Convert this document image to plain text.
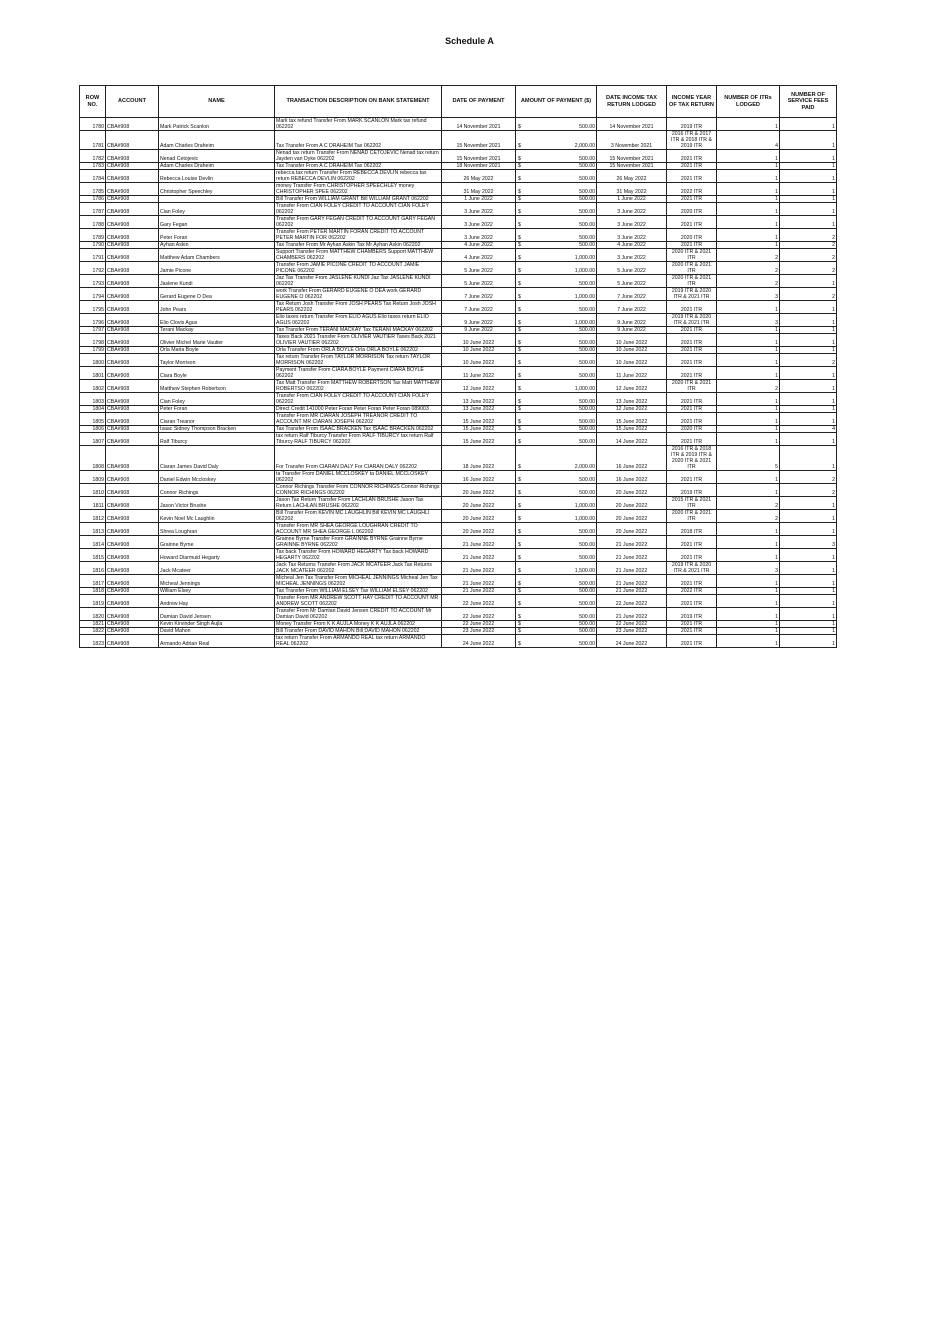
Schedule A
ROW NO.	ACCOUNT	NAME	TRANSACTION DESCRIPTION ON BANK STATEMENT	DATE OF PAYMENT	AMOUNT OF PAYMENT ($)	DATE INCOME TAX RETURN LODGED	INCOME YEAR OF TAX RETURN	NUMBER OF ITRs LODGED	NUMBER OF SERVICE FEES PAID
1780	CBA#908	Mark Patrick Scanlon	Mark tax refund Transfer From MARK SCANLON Mark tax refund 062202	14 November 2021	$ 500.00	14 November 2021	2019 ITR	1	1
1781	CBA#908	Adam Charles Draheim	Tax Transfer From A C DRAHEIM Tax 062202	15 November 2021	$ 2,000.00	3 November 2021	2016 ITR & 2017 ITR & 2018 ITR & 2019 ITR	4	1
1782	CBA#908	Nenad Cetojevic	Nenad tax return Transfer From NENAD CETOJEVIC Nenad tax return Jayden van Dyke 062202	15 November 2021	$ 500.00	15 November 2021	2021 ITR	1	1
1783	CBA#908	Adam Charles Draheim	Tax Transfer From A C DRAHEIM Tax 062202	18 November 2021	$ 500.00	15 November 2021	2021 ITR	1	1
1784	CBA#908	Rebecca Louise Devlin	rebecca tax return Transfer From REBECCA DEVLIN rebecca tax return REBECCA DEVLIN 062202	26 May 2022	$ 500.00	26 May 2022	2021 ITR	1	1
1785	CBA#908	Christopher Speechley	money Transfer From CHRISTOPHER SPEECHLEY money CHRISTOPHER SPEE 062202	31 May 2022	$ 500.00	31 May 2022	2022 ITR	1	1
1786	CBA#908		Bill Transfer From WILLIAM GRANT Bill WILLIAM GRANT 062202	1 June 2022	$ 500.00	1 June 2022	2021 ITR	1	1
1787	CBA#908	Cian Foley	Transfer From CIAN FOLEY CREDIT TO ACCOUNT CIAN FOLEY 062202	3 June 2022	$ 500.00	3 June 2022	2020 ITR	1	1
1788	CBA#908	Gary Fegan	Transfer From GARY FEGAN CREDIT TO ACCOUNT GARY FEGAN 062202	3 June 2022	$ 500.00	3 June 2022	2021 ITR	1	1
1789	CBA#908	Peter Foran	Transfer From PETER MARTIN FORAN CREDIT TO ACCOUNT PETER MARTIN FOR 062202	3 June 2022	$ 500.00	3 June 2022	2020 ITR	1	2
1790	CBA#908	Ayhan Askin	Tax Transfer From Mr Ayhan Askin Tax Mr Ayhan Askin 062202	4 June 2022	$ 500.00	4 June 2022	2021 ITR	1	2
1791	CBA#908	Matthew Adam Chambers	Support Transfer From MATTHEW CHAMBERS Support MATTHEW CHAMBERS 062202	4 June 2022	$ 1,000.00	3 June 2022	2020 ITR & 2021 ITR	2	2
1792	CBA#908	Jamie Picone	Transfer From JAMIE PICONE CREDIT TO ACCOUNT JAMIE PICONE 062202	5 June 2022	$ 1,000.00	5 June 2022	2020 ITR & 2021 ITR	2	2
1793	CBA#908	Jaslene Kundi	Jaz Tax Transfer From JASLENE KUNDI Jaz Tax JASLENE KUNDI 062202	5 June 2022	$ 500.00	5 June 2022	2020 ITR & 2021 ITR	2	1
1794	CBA#908	Gerard Eugene O Dea	work Transfer From GERARD EUGENE O DEA work GERARD EUGENE O 062202	7 June 2022	$ 1,000.00	7 June 2022	2019 ITR & 2020 ITR & 2021 ITR	3	2
1795	CBA#908	John Pears	Tax Return Josh Transfer From JOSH PEARS Tax Return Josh JOSH PEARS 062202	7 June 2022	$ 500.00	7 June 2022	2021 ITR	1	1
1796	CBA#908	Elio Clovis Agus	Elio taxes return Transfer From ELIO AGUS Elio taxes return ELIO AGUS 062202	9 June 2022	$ 1,000.00	9 June 2022	2019 ITR & 2020 ITR & 2021 ITR	3	1
1797	CBA#908	Terani Mackay	Tax Transfer From TERANI MACKAY Tax TERANI MACKAY 062202	9 June 2022	$ 500.00	9 June 2022	2021 ITR	1	1
1798	CBA#908	Olivier Michel Marie Vautier	Taxes Back 2021 Transfer From OLIVIER VAUTIER Taxes Back 2021 OLIVIER VAUTIER 062202	10 June 2022	$ 500.00	10 June 2022	2021 ITR	1	1
1799	CBA#908	Orla Maria Boyle	Orla Transfer From ORLA BOYLE Orla ORLA BOYLE 062202	10 June 2022	$ 500.00	10 June 2022	2021 ITR	1	1
1800	CBA#908	Taylor Morrison	Tax return Transfer From TAYLOR MORRISON Tax return TAYLOR MORRISON 062202	10 June 2022	$ 500.00	10 June 2022	2021 ITR	1	2
1801	CBA#908	Ciara Boyle	Payment Transfer From CIARA BOYLE Payment CIARA BOYLE 062202	11 June 2022	$ 500.00	11 June 2022	2021 ITR	1	1
1802	CBA#908	Matthew Stephen Robertson	Tax Matt Transfer From MATTHEW ROBERTSON Tax Matt MATTHEW ROBERTSO 062202	12 June 2022	$ 1,000.00	12 June 2022	2020 ITR & 2021 ITR	2	1
1803	CBA#908	Cian Foley	Transfer From CIAN FOLEY CREDIT TO ACCOUNT CIAN FOLEY 062202	13 June 2022	$ 500.00	13 June 2022	2021 ITR	1	1
1804	CBA#908	Peter Foran	Direct Credit 141000 Peter Foran Peter Foran Peter Foran 089003	13 June 2022	$ 500.00	12 June 2022	2021 ITR	1	1
1805	CBA#908	Ciaran Treanor	Transfer From MR CIARAN JOSEPH TREANOR CREDIT TO ACCOUNT MR CIARAN JOSEPH 062202	15 June 2022	$ 500.00	15 June 2022	2021 ITR	1	1
1806	CBA#908	Isaac Sidney Thompson Bracken	Tax Transfer From ISAAC BRACKEN Tax ISAAC BRACKEN 062202	15 June 2022	$ 500.00	15 June 2022	2020 ITR	1	4
1807	CBA#908	Ralf Tiburcy	tax return Ralf Tiburcy Transfer From RALF TIBURCY tax return Ralf Tiburcy RALF TIBURCY 062202	15 June 2022	$ 500.00	14 June 2022	2021 ITR	1	1
1808	CBA#908	Ciaran James David Daly	For Transfer From CIARAN DALY For CIARAN DALY 062202	18 June 2022	$ 2,000.00	16 June 2022	2016 ITR & 2018 ITR & 2019 ITR & 2020 ITR & 2021 ITR	5	1
1809	CBA#908	Daniel Edwin Mccloskey	ta Transfer From DANIEL MCCLOSKEY ta DANIEL MCCLOSKEY 062202	16 June 2022	$ 500.00	16 June 2022	2021 ITR	1	2
1810	CBA#908	Connor Richings	Connor Richings Transfer From CONNOR RICHINGS Connor Richings CONNOR RICHINGS 062202	20 June 2022	$ 500.00	20 June 2022	2019 ITR	1	2
1811	CBA#908	Jason Victor Brushe	Jason Tax Return Transfer From LACHLAN BRUSHE Jason Tax Return LACHLAN BRUSHE 062202	20 June 2022	$ 1,000.00	20 June 2022	2015 ITR & 2021 ITR	2	1
1812	CBA#908	Kevin Noel Mc Laughlin	Bill Transfer From KEVIN MC LAUGHLIN Bill KEVIN MC LAUGHLI 062202	20 June 2022	$ 1,000.00	20 June 2022	2020 ITR & 2021 ITR	2	1
1813	CBA#908	Shrea Loughran	Transfer From MR SHEA GEORGE LOUGHRAN CREDIT TO ACCOUNT MR SHEA GEORGE L 062202	20 June 2022	$ 500.00	20 June 2022	2018 ITR	1	1
1814	CBA#908	Grainne Byrne	Grainne Byrne Transfer From GRAINNE BYRNE Grainne Byrne GRAINNE BYRNE 062202	21 June 2022	$ 500.00	21 June 2022	2021 ITR	1	3
1815	CBA#908	Howard Diarmuid Hegarty	Tax back Transfer From HOWARD HEGARTY Tax back HOWARD HEGARTY 062202	21 June 2022	$ 500.00	21 June 2022	2021 ITR	1	1
1816	CBA#908	Jack Mcateer	Jack Tax Returns Transfer From JACK MCATEER Jack Tax Returns JACK MCATEER 062202	21 June 2022	$ 1,500.00	21 June 2022	2019 ITR & 2020 ITR & 2021 ITR	3	1
1817	CBA#908	Micheal Jennings	Micheal Jen Tax Transfer From MICHEAL JENNINGS Micheal Jen Tax MICHEAL JENNINGS 062202	21 June 2022	$ 500.00	21 June 2022	2021 ITR	1	1
1818	CBA#908	William Elsey	Tax Transfer From WILLIAM ELSEY Tax WILLIAM ELSEY 062202	21 June 2022	$ 500.00	21 June 2022	2022 ITR	1	1
1819	CBA#908	Andrew Hay	Transfer From MR ANDREW SCOTT HAY CREDIT TO ACCOUNT MR ANDREW SCOTT 062202	22 June 2022	$ 500.00	22 June 2022	2021 ITR	1	1
1820	CBA#908	Damian David Jensen	Transfer From Mr Damian David Jensen CREDIT TO ACCOUNT Mr Damian David 062202	22 June 2022	$ 500.00	21 June 2022	2019 ITR	1	1
1821	CBA#908	Kevin Kirvinder Singh Aujla	Money Transfer From K K AUJLA Money K K AUJLA 062202	22 June 2022	$ 500.00	22 June 2022	2021 ITR	1	1
1822	CBA#908	David Mahon	Bill Transfer From DAVID MAHON Bill DAVID MAHON 062202	23 June 2022	$ 500.00	23 June 2022	2021 ITR	1	1
1823	CBA#908	Armando Adrian Real	tax return Transfer From ARMANDO REAL tax return ARMANDO REAL 062202	24 June 2022	$ 500.00	24 June 2022	2021 ITR	1	1
